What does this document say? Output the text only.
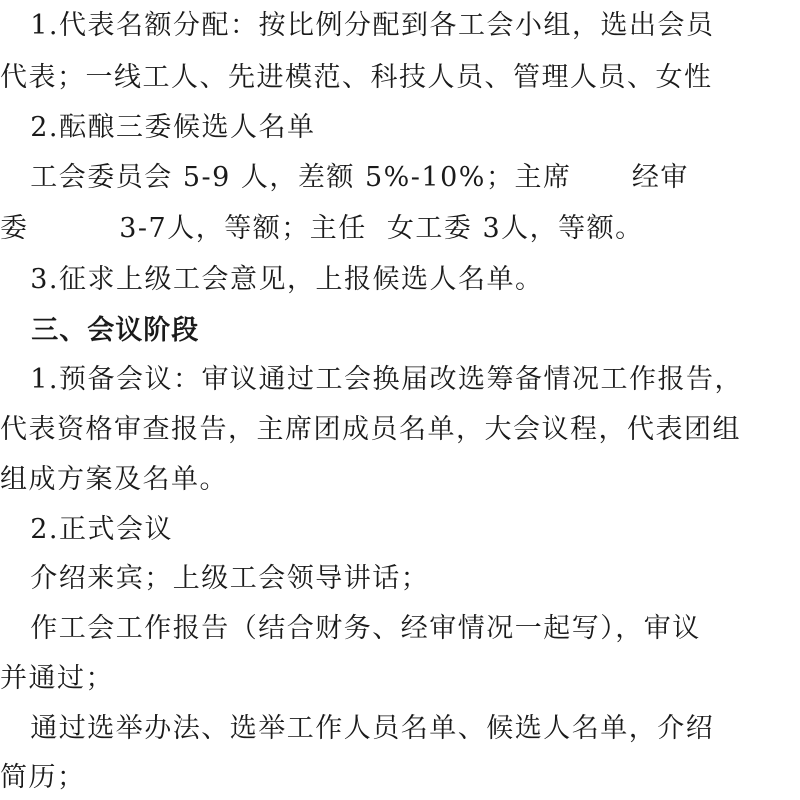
1.代表名额分配：按比例分配到各工会小组，选出会员
代表；一线工人、先进模范、科技人员、管理人员、女性
2.酝酿三委候选人名单
工会委员会 5-9 人，差额 5%-10%；主席      经审
委         3-7人，等额；主任  女工委 3人，等额。
3.征求上级工会意见，上报候选人名单。
三、会议阶段
1.预备会议：审议通过工会换届改选筹备情况工作报告，
代表资格审查报告，主席团成员名单，大会议程，代表团组
组成方案及名单。
2.正式会议
介绍来宾；上级工会领导讲话；
作工会工作报告（结合财务、经审情况一起写），审议
并通过；
通过选举办法、选举工作人员名单、候选人名单，介绍
简历；
